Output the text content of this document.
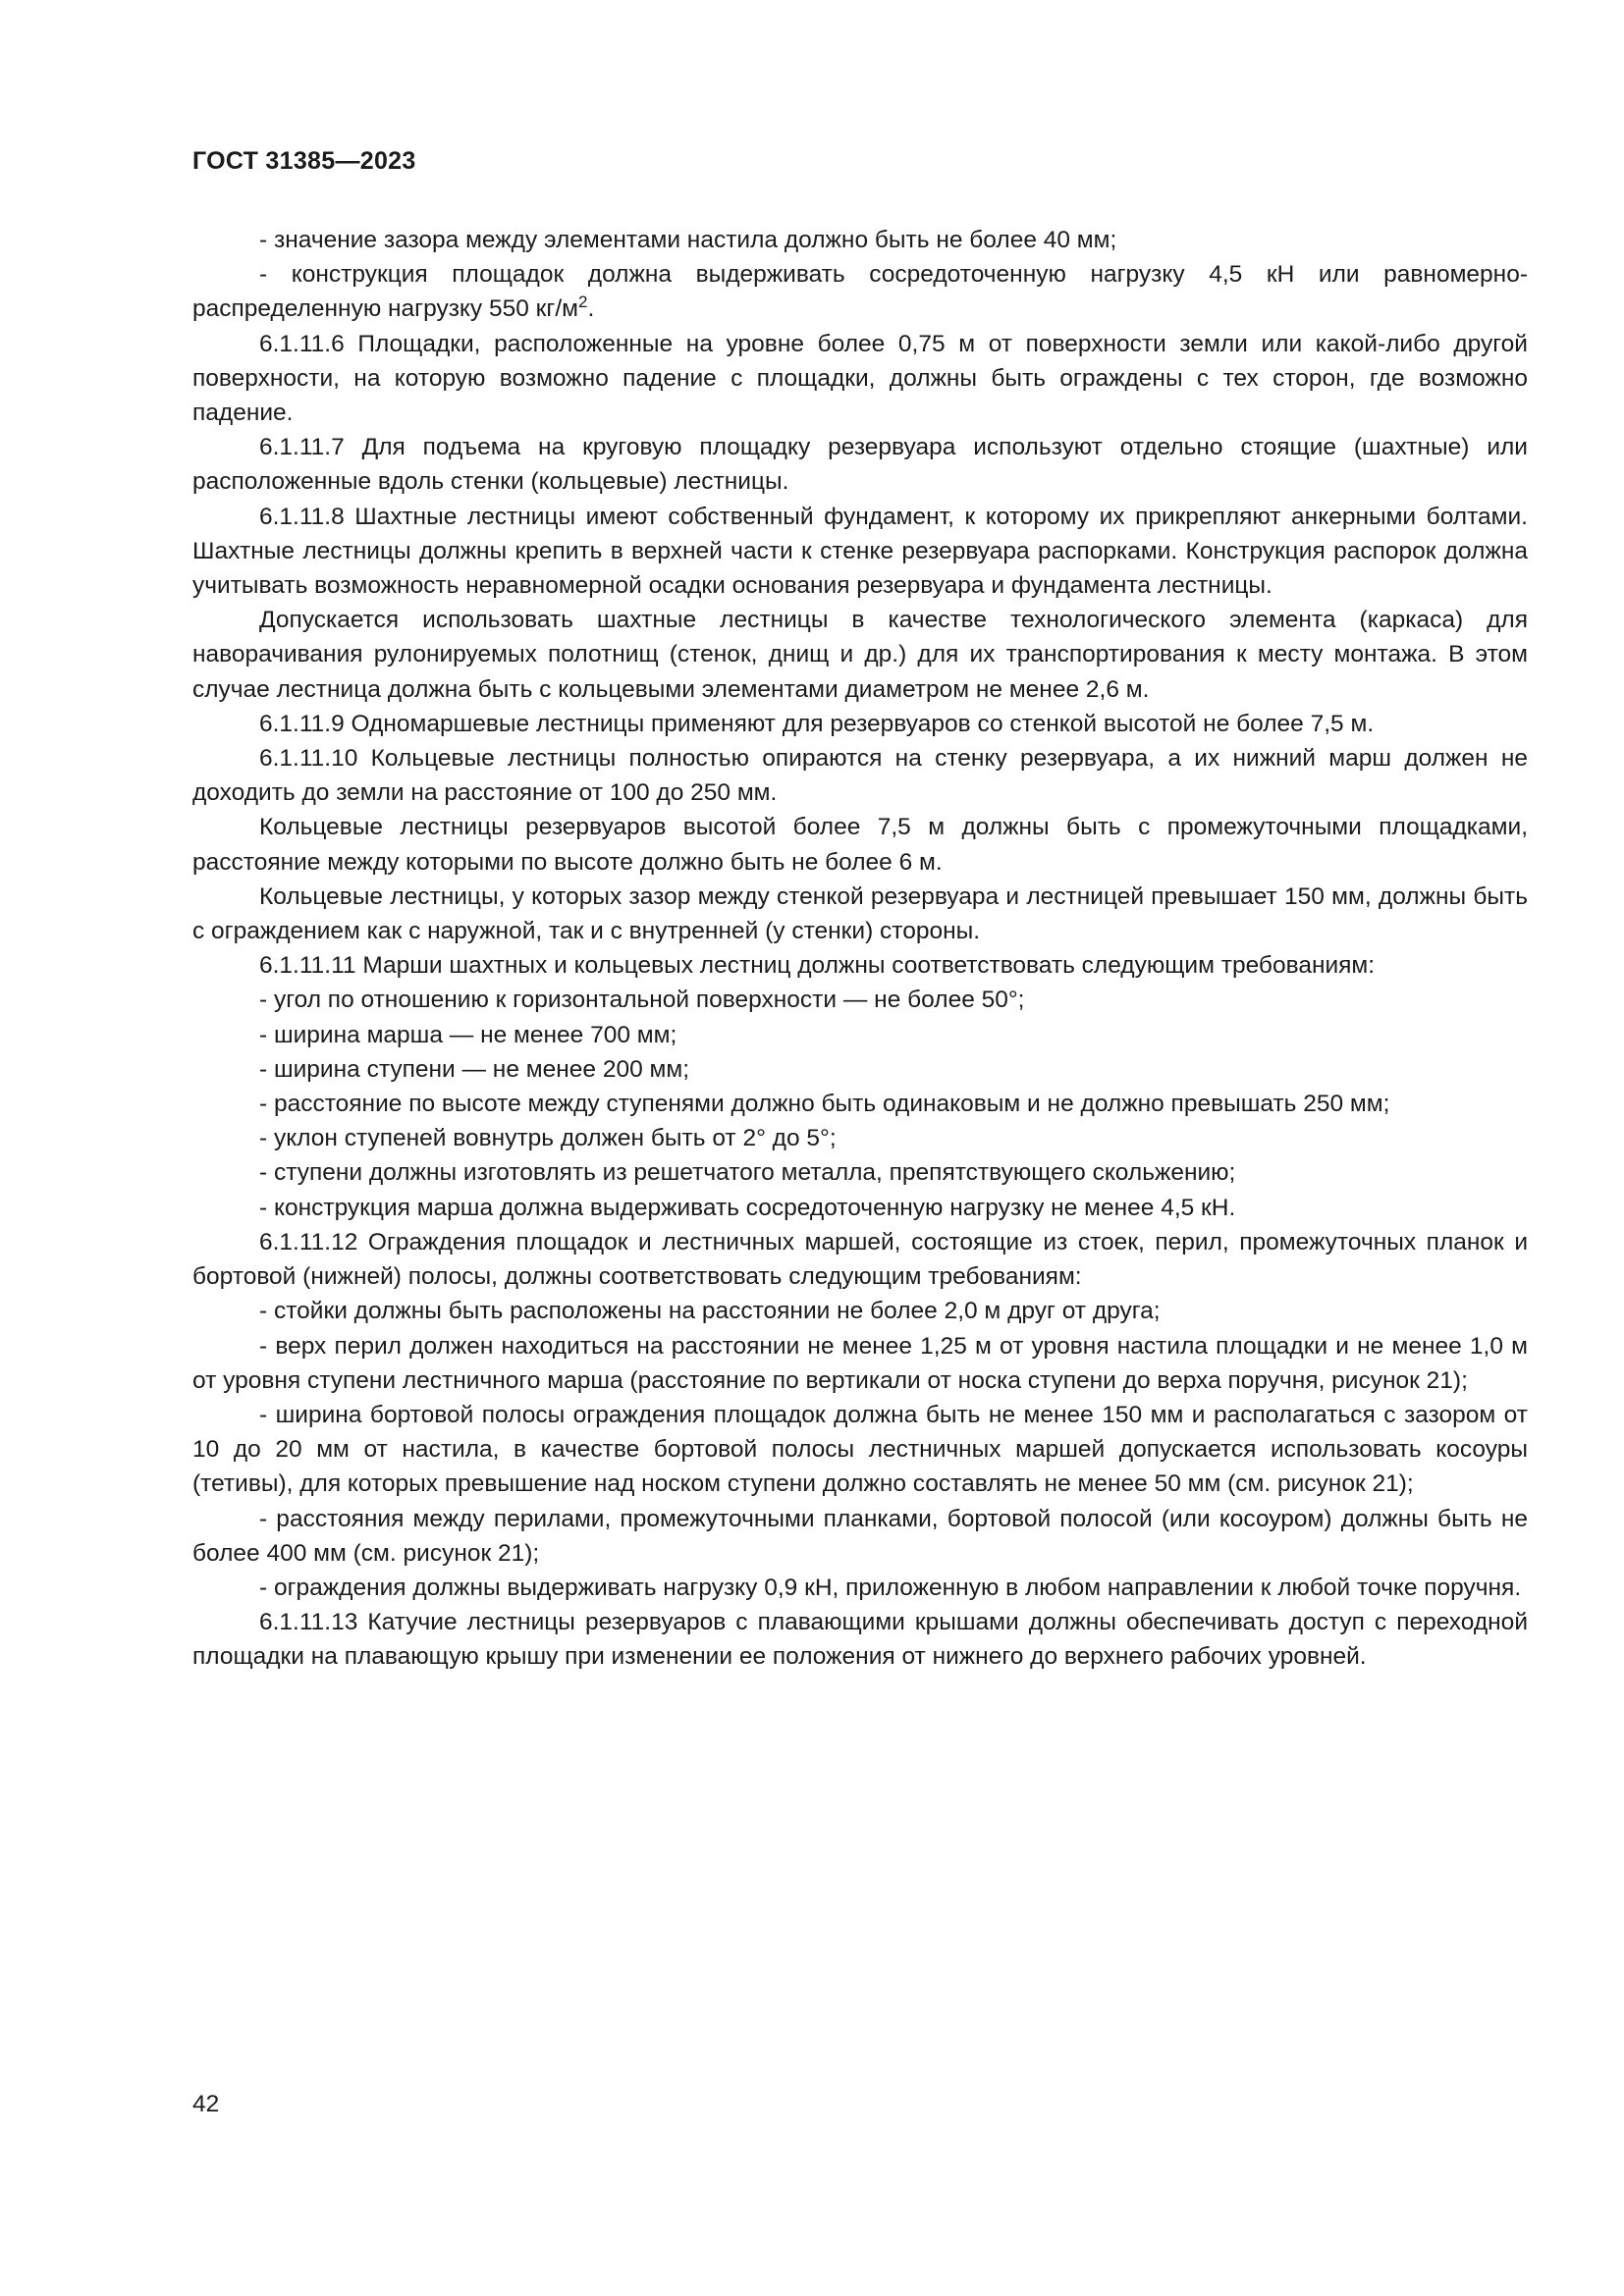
ГОСТ 31385—2023

- значение зазора между элементами настила должно быть не более 40 мм;

- конструкция площадок должна выдерживать сосредоточенную нагрузку 4,5 кН или равномерно-распределенную нагрузку 550 $кг/м^2$.

6.1.11.6 Площадки, расположенные на уровне более 0,75 м от поверхности земли или какой-либо другой поверхности, на которую возможно падение с площадки, должны быть ограждены с тех сторон, где возможно падение.

6.1.11.7 Для подъема на круговую площадку резервуара используют отдельно стоящие (шахтные) или расположенные вдоль стенки (кольцевые) лестницы.

6.1.11.8 Шахтные лестницы имеют собственный фундамент, к которому их прикрепляют анкерными болтами. Шахтные лестницы должны крепить в верхней части к стенке резервуара распорками. Конструкция распорок должна учитывать возможность неравномерной осадки основания резервуара и фундамента лестницы.

Допускается использовать шахтные лестницы в качестве технологического элемента (каркаса) для наворачивания рулонируемых полотнищ (стенок, днищ и др.) для их транспортирования к месту монтажа. В этом случае лестница должна быть с кольцевыми элементами диаметром не менее 2,6 м.

6.1.11.9 Одномаршевые лестницы применяют для резервуаров со стенкой высотой не более 7,5 м.

6.1.11.10 Кольцевые лестницы полностью опираются на стенку резервуара, а их нижний марш должен не доходить до земли на расстояние от 100 до 250 мм.

Кольцевые лестницы резервуаров высотой более 7,5 м должны быть с промежуточными площадками, расстояние между которыми по высоте должно быть не более 6 м.

Кольцевые лестницы, у которых зазор между стенкой резервуара и лестницей превышает 150 мм, должны быть с ограждением как с наружной, так и с внутренней (у стенки) стороны.

6.1.11.11 Марши шахтных и кольцевых лестниц должны соответствовать следующим требованиям:

- угол по отношению к горизонтальной поверхности — не более 50°;

- ширина марша — не менее 700 мм;

- ширина ступени — не менее 200 мм;

- расстояние по высоте между ступенями должно быть одинаковым и не должно превышать 250 мм;

- уклон ступеней вовнутрь должен быть от 2° до 5°;

- ступени должны изготовлять из решетчатого металла, препятствующего скольжению;

- конструкция марша должна выдерживать сосредоточенную нагрузку не менее 4,5 кН.

6.1.11.12 Ограждения площадок и лестничных маршей, состоящие из стоек, перил, промежуточных планок и бортовой (нижней) полосы, должны соответствовать следующим требованиям:

- стойки должны быть расположены на расстоянии не более 2,0 м друг от друга;

- верх перил должен находиться на расстоянии не менее 1,25 м от уровня настила площадки и не менее 1,0 м от уровня ступени лестничного марша (расстояние по вертикали от носка ступени до верха поручня, рисунок 21);

- ширина бортовой полосы ограждения площадок должна быть не менее 150 мм и располагаться с зазором от 10 до 20 мм от настила, в качестве бортовой полосы лестничных маршей допускается использовать косоуры (тетивы), для которых превышение над носком ступени должно составлять не менее 50 мм (см. рисунок 21);

- расстояния между перилами, промежуточными планками, бортовой полосой (или косоуром) должны быть не более 400 мм (см. рисунок 21);

- ограждения должны выдерживать нагрузку 0,9 кН, приложенную в любом направлении к любой точке поручня.

6.1.11.13 Катучие лестницы резервуаров с плавающими крышами должны обеспечивать доступ с переходной площадки на плавающую крышу при изменении ее положения от нижнего до верхнего рабочих уровней.

42
